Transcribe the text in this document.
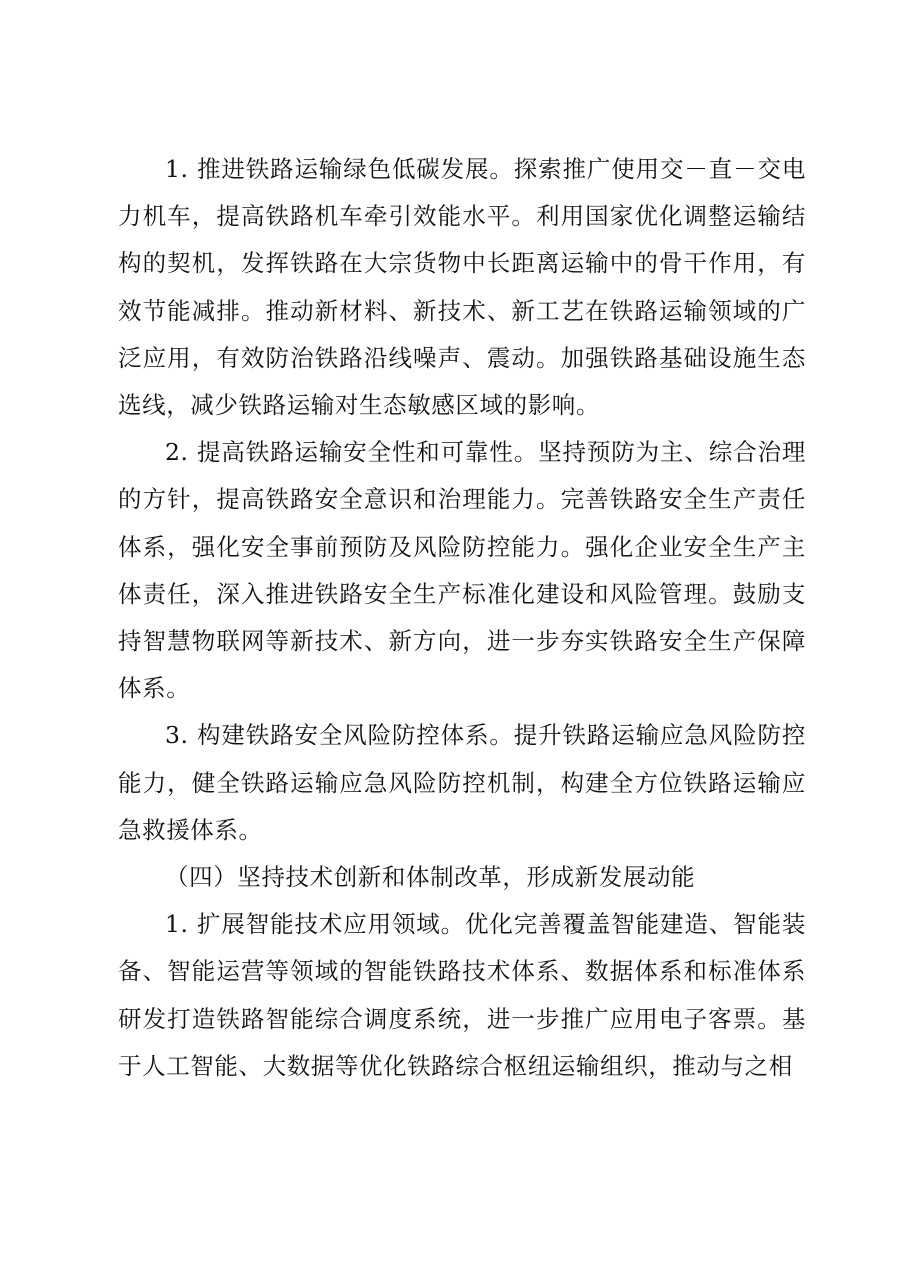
1. 推进铁路运输绿色低碳发展。探索推广使用交－直－交电力机车，提高铁路机车牵引效能水平。利用国家优化调整运输结构的契机，发挥铁路在大宗货物中长距离运输中的骨干作用，有效节能减排。推动新材料、新技术、新工艺在铁路运输领域的广泛应用，有效防治铁路沿线噪声、震动。加强铁路基础设施生态选线，减少铁路运输对生态敏感区域的影响。

2. 提高铁路运输安全性和可靠性。坚持预防为主、综合治理的方针，提高铁路安全意识和治理能力。完善铁路安全生产责任体系，强化安全事前预防及风险防控能力。强化企业安全生产主体责任，深入推进铁路安全生产标准化建设和风险管理。鼓励支持智慧物联网等新技术、新方向，进一步夯实铁路安全生产保障体系。

3. 构建铁路安全风险防控体系。提升铁路运输应急风险防控能力，健全铁路运输应急风险防控机制，构建全方位铁路运输应急救援体系。

（四）坚持技术创新和体制改革，形成新发展动能

1. 扩展智能技术应用领域。优化完善覆盖智能建造、智能装备、智能运营等领域的智能铁路技术体系、数据体系和标准体系研发打造铁路智能综合调度系统，进一步推广应用电子客票。基于人工智能、大数据等优化铁路综合枢纽运输组织，推动与之相
